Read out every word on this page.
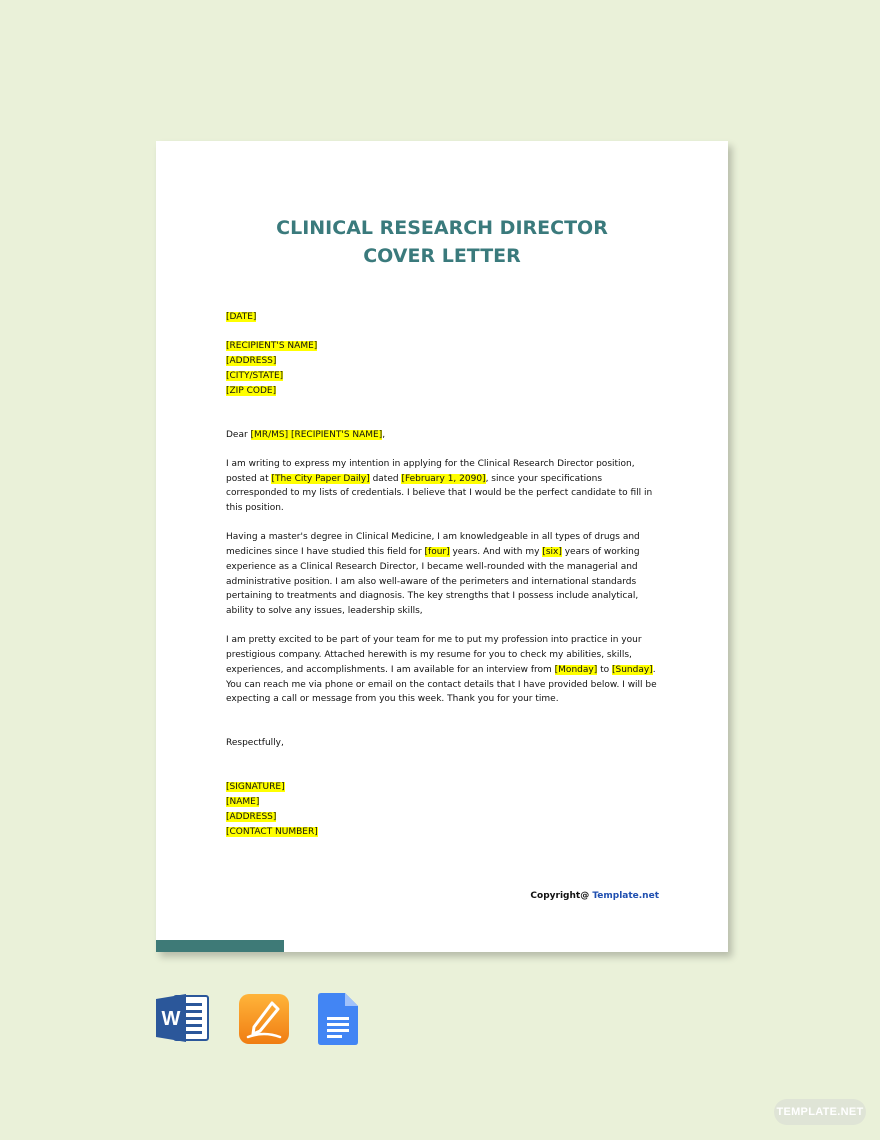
CLINICAL RESEARCH DIRECTOR
COVER LETTER

[DATE]

[RECIPIENT'S NAME]
[ADDRESS]
[CITY/STATE]
[ZIP CODE]

Dear [MR/MS] [RECIPIENT'S NAME],

I am writing to express my intention in applying for the Clinical Research Director position, posted at [The City Paper Daily] dated [February 1, 2090], since your specifications corresponded to my lists of credentials. I believe that I would be the perfect candidate to fill in this position.

Having a master's degree in Clinical Medicine, I am knowledgeable in all types of drugs and medicines since I have studied this field for [four] years. And with my [six] years of working experience as a Clinical Research Director, I became well-rounded with the managerial and administrative position. I am also well-aware of the perimeters and international standards pertaining to treatments and diagnosis. The key strengths that I possess include analytical, ability to solve any issues, leadership skills,

I am pretty excited to be part of your team for me to put my profession into practice in your prestigious company. Attached herewith is my resume for you to check my abilities, skills, experiences, and accomplishments. I am available for an interview from [Monday] to [Sunday]. You can reach me via phone or email on the contact details that I have provided below. I will be expecting a call or message from you this week. Thank you for your time.

Respectfully,

[SIGNATURE]
[NAME]
[ADDRESS]
[CONTACT NUMBER]

Copyright@ Template.net
W
TEMPLATE.NET
